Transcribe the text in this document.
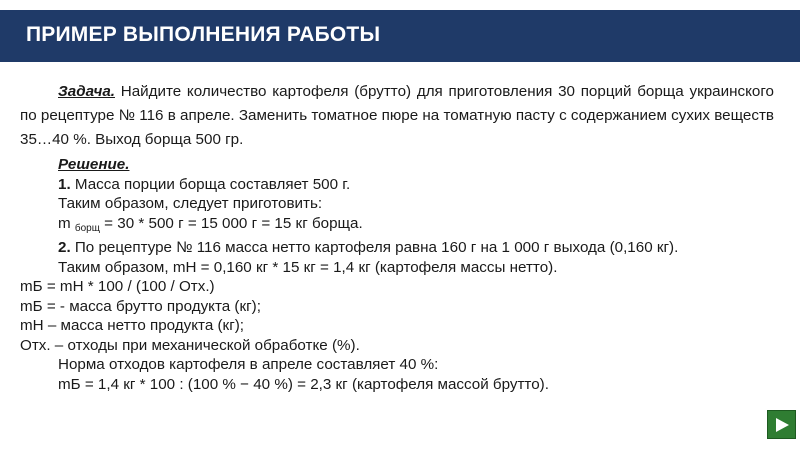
ПРИМЕР ВЫПОЛНЕНИЯ РАБОТЫ

Задача. Найдите количество картофеля (брутто) для приготовления 30 порций борща украинского по рецептуре № 116 в апреле. Заменить томатное пюре на томатную пасту с содержанием сухих веществ 35…40 %. Выход борща 500 гр.

Решение.
1. Масса порции борща составляет 500 г.
Таким образом, следует приготовить:
m $_{борщ}$ = 30 * 500 г = 15 000 г = 15 кг борща.
2. По рецептуре № 116 масса нетто картофеля равна 160 г на 1 000 г выхода (0,160 кг).
Таким образом, mН = 0,160 кг * 15 кг = 1,4 кг (картофеля массы нетто).
mБ = mН * 100 / (100 / Отх.)
mБ = - масса брутто продукта (кг);
mН – масса нетто продукта (кг);
Отх. – отходы при механической обработке (%).
Норма отходов картофеля в апреле составляет 40 %:
mБ = 1,4 кг * 100 : (100 % − 40 %) = 2,3 кг (картофеля массой брутто).
